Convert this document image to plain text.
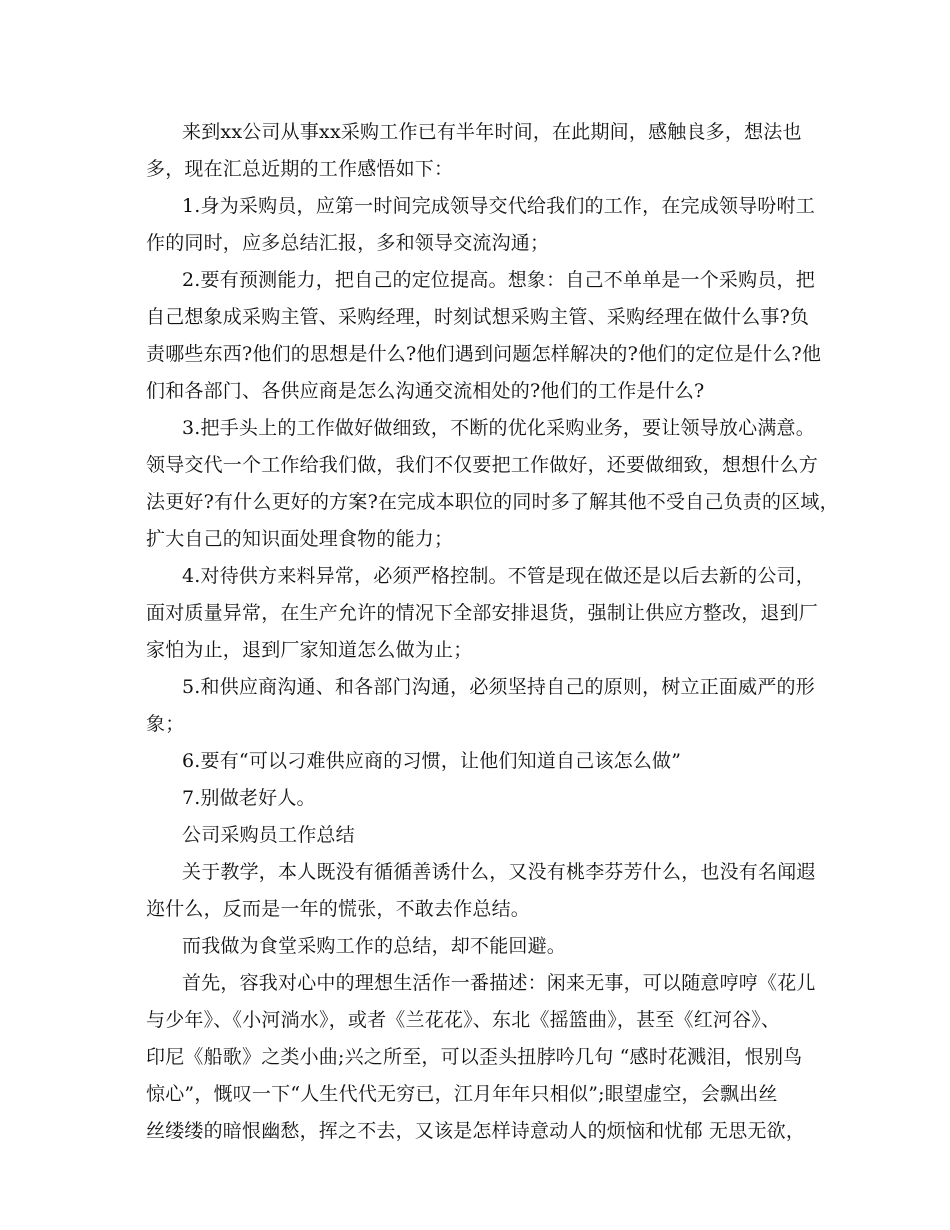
来到xx公司从事xx采购工作已有半年时间，在此期间，感触良多，想法也
多，现在汇总近期的工作感悟如下：
1.身为采购员，应第一时间完成领导交代给我们的工作，在完成领导吩咐工
作的同时，应多总结汇报，多和领导交流沟通；
2.要有预测能力，把自己的定位提高。想象：自己不单单是一个采购员，把
自己想象成采购主管、采购经理，时刻试想采购主管、采购经理在做什么事?负
责哪些东西?他们的思想是什么?他们遇到问题怎样解决的?他们的定位是什么?他
们和各部门、各供应商是怎么沟通交流相处的?他们的工作是什么?
3.把手头上的工作做好做细致，不断的优化采购业务，要让领导放心满意。
领导交代一个工作给我们做，我们不仅要把工作做好，还要做细致，想想什么方
法更好?有什么更好的方案?在完成本职位的同时多了解其他不受自己负责的区域，
扩大自己的知识面处理食物的能力；
4.对待供方来料异常，必须严格控制。不管是现在做还是以后去新的公司，
面对质量异常，在生产允许的情况下全部安排退货，强制让供应方整改，退到厂
家怕为止，退到厂家知道怎么做为止；
5.和供应商沟通、和各部门沟通，必须坚持自己的原则，树立正面威严的形
象；
6.要有“可以刁难供应商的习惯，让他们知道自己该怎么做”
7.别做老好人。
公司采购员工作总结
关于教学，本人既没有循循善诱什么，又没有桃李芬芳什么，也没有名闻遐
迩什么，反而是一年的慌张，不敢去作总结。
而我做为食堂采购工作的总结，却不能回避。
首先，容我对心中的理想生活作一番描述：闲来无事，可以随意哼哼《花儿
与少年》、《小河淌水》，或者《兰花花》、东北《摇篮曲》，甚至《红河谷》、
印尼《船歌》之类小曲;兴之所至，可以歪头扭脖吟几句 “感时花溅泪，恨别鸟
惊心”，慨叹一下“人生代代无穷已，江月年年只相似”;眼望虚空，会飘出丝
丝缕缕的暗恨幽愁，挥之不去，又该是怎样诗意动人的烦恼和忧郁 无思无欲，
